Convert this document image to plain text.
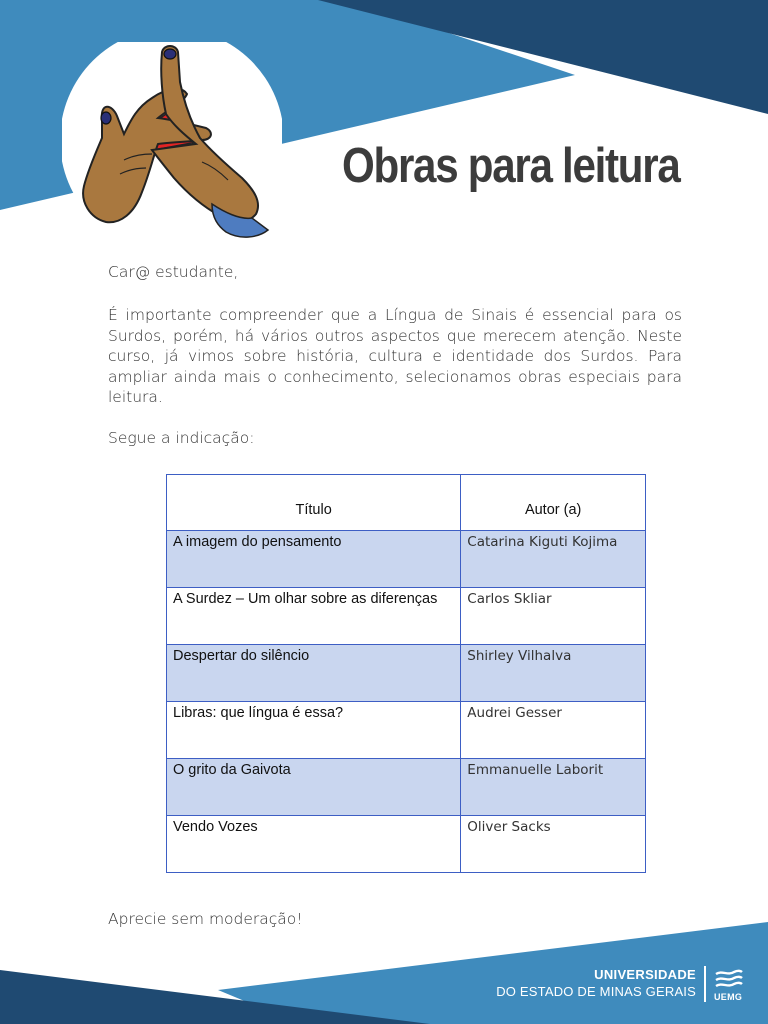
Obras para leitura
Car@ estudante,
É importante compreender que a Língua de Sinais é essencial para os Surdos, porém, há vários outros aspectos que merecem atenção. Neste curso, já vimos sobre história, cultura e identidade dos Surdos. Para ampliar ainda mais o conhecimento, selecionamos obras especiais para leitura.
Segue a indicação:
Título	Autor (a)
A imagem do pensamento	Catarina Kiguti Kojima
A Surdez – Um olhar sobre as diferenças	Carlos Skliar
Despertar do silêncio	Shirley Vilhalva
Libras: que língua é essa?	Audrei Gesser
O grito da Gaivota	Emmanuelle Laborit
Vendo Vozes	Oliver Sacks
Aprecie sem moderação!
UNIVERSIDADE
DO ESTADO DE MINAS GERAIS UEMG
